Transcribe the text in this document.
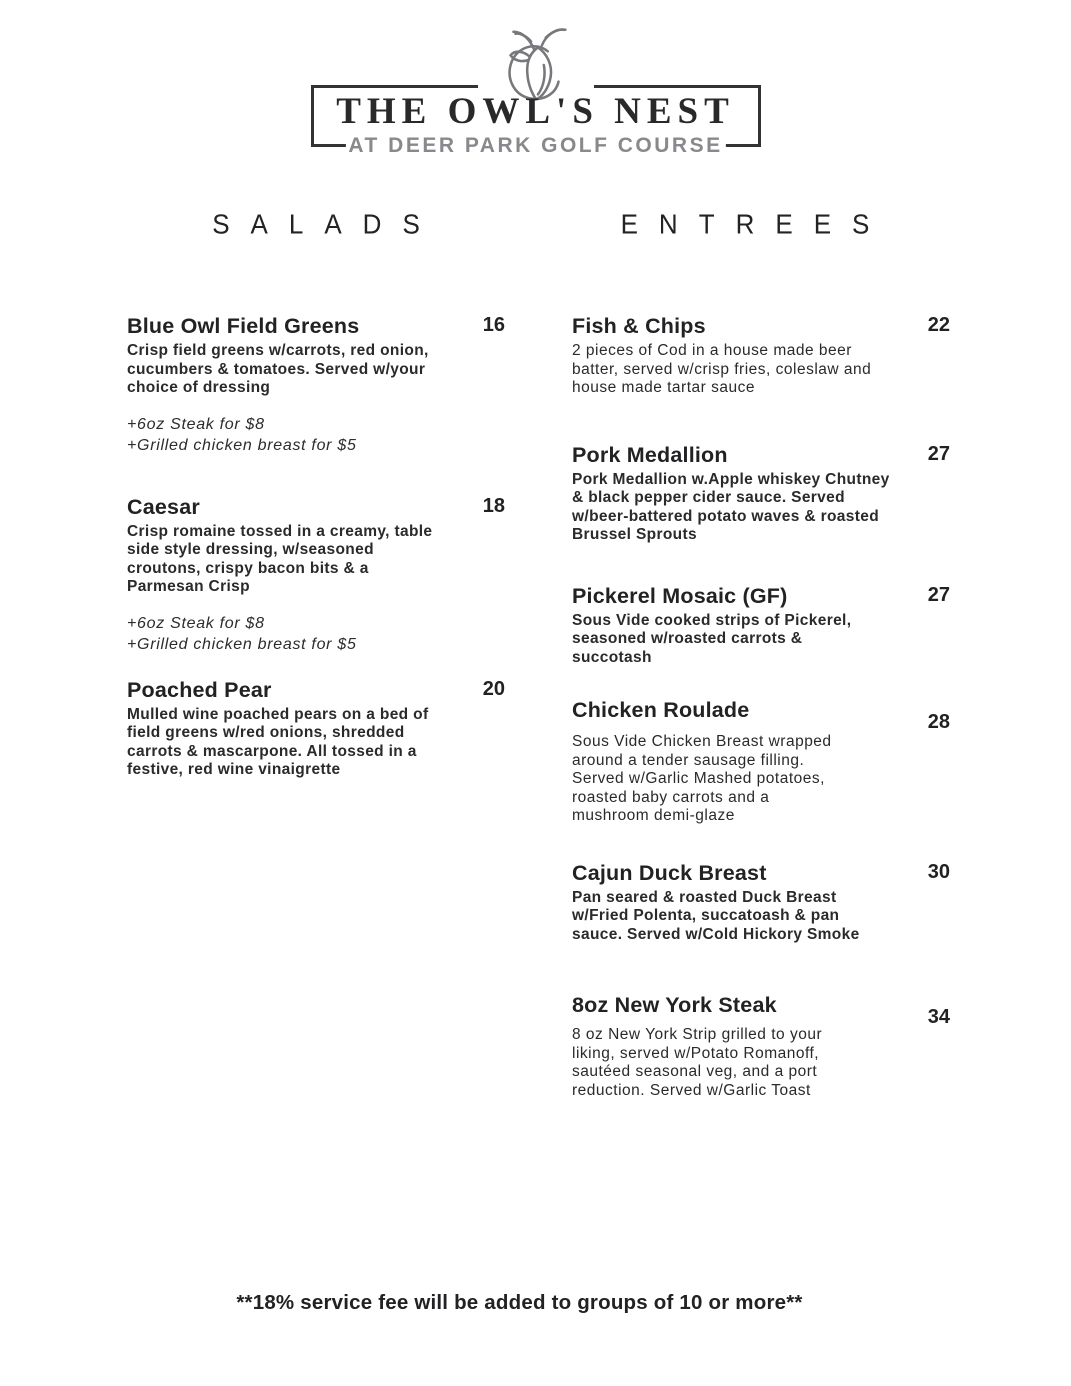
THE OWL'S NEST
AT DEER PARK GOLF COURSE
SALADS
Blue Owl Field Greens	16

Crisp field greens w/carrots, red onion, cucumbers & tomatoes. Served w/your choice of dressing

+6oz Steak for $8
+Grilled chicken breast for $5
Caesar	18

Crisp romaine tossed in a creamy, table side style dressing, w/seasoned croutons, crispy bacon bits & a Parmesan Crisp

+6oz Steak for $8
+Grilled chicken breast for $5
Poached Pear	20

Mulled wine poached pears on a bed of field greens w/red onions, shredded carrots & mascarpone. All tossed in a festive, red wine vinaigrette

ENTREES
Fish & Chips	22

2 pieces of Cod in a house made beer batter, served w/crisp fries, coleslaw and house made tartar sauce

Pork Medallion	27

Pork Medallion w.Apple whiskey Chutney & black pepper cider sauce. Served w/beer-battered potato waves & roasted Brussel Sprouts

Pickerel Mosaic (GF)	27

Sous Vide cooked strips of Pickerel, seasoned w/roasted carrots & succotash

Chicken Roulade	28

Sous Vide Chicken Breast wrapped around a tender sausage filling. Served w/Garlic Mashed potatoes, roasted baby carrots and a mushroom demi-glaze

Cajun Duck Breast	30

Pan seared & roasted Duck Breast w/Fried Polenta, succatoash & pan sauce. Served w/Cold Hickory Smoke

8oz New York Steak	34

8 oz New York Strip grilled to your liking, served w/Potato Romanoff, sautéed seasonal veg, and a port reduction. Served w/Garlic Toast

**18% service fee will be added to groups of 10 or more**
